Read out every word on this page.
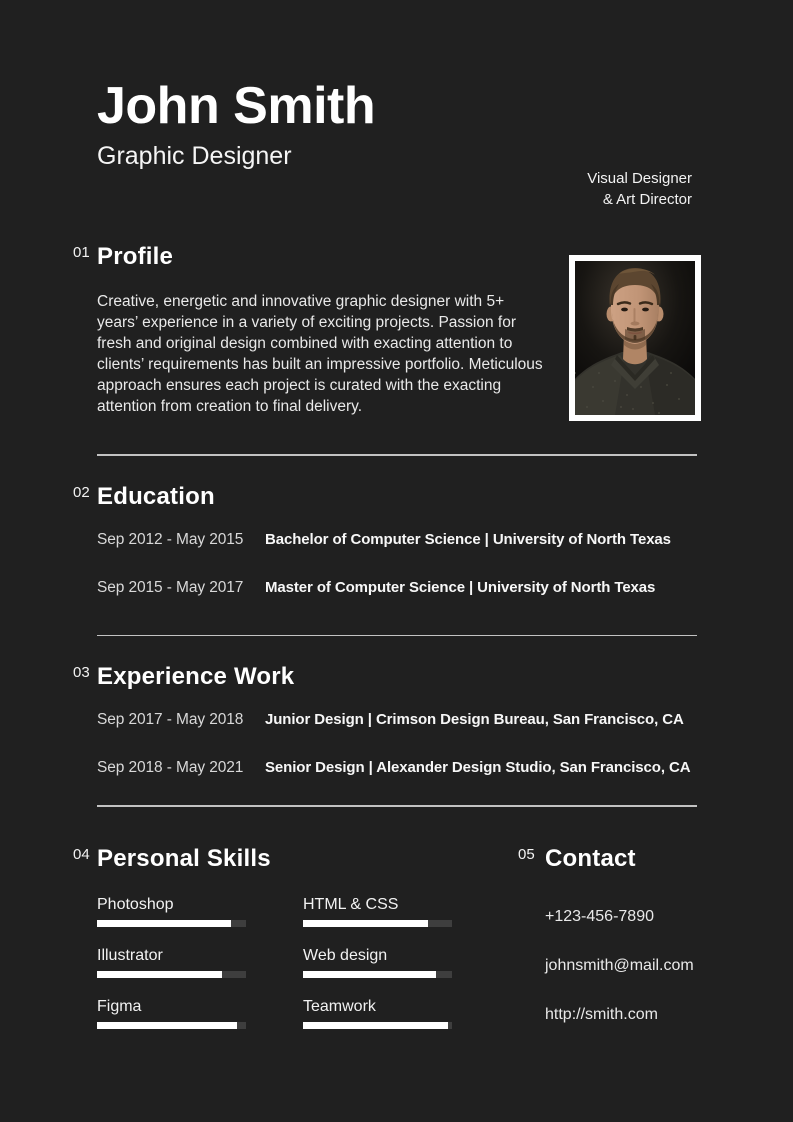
John Smith
Graphic Designer
Visual Designer
& Art Director
01 Profile

Creative, energetic and innovative graphic designer with 5+ years’ experience in a variety of exciting projects. Passion for fresh and original design combined with exacting attention to clients’ requirements has built an impressive portfolio. Meticulous approach ensures each project is curated with the exacting attention from creation to final delivery.

02 Education
Sep 2012 - May 2015	Bachelor of Computer Science | University of North Texas
Sep 2015 - May 2017	Master of Computer Science | University of North Texas
03 Experience Work
Sep 2017 - May 2018	Junior Design | Crimson Design Bureau, San Francisco, CA
Sep 2018 - May 2021	Senior Design | Alexander Design Studio, San Francisco, CA
04 Personal Skills
Photoshop
Illustrator
Figma
HTML & CSS
Web design
Teamwork
05 Contact
+123-456-7890
johnsmith@mail.com
http://smith.com
